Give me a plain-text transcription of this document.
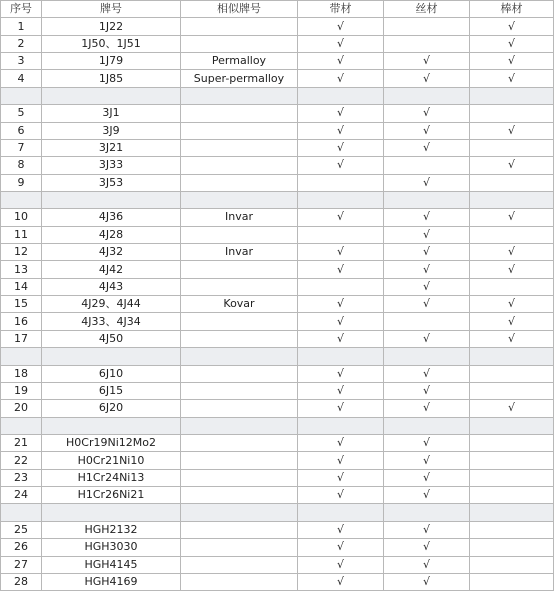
序号	牌号	相似牌号	带材	丝材	棒材
1	1J22		√		√
2	1J50、1J51		√		√
3	1J79	Permalloy	√	√	√
4	1J85	Super-permalloy	√	√	√

5	3J1		√	√	
6	3J9		√	√	√
7	3J21		√	√	
8	3J33		√		√
9	3J53			√	

10	4J36	Invar	√	√	√
11	4J28			√	
12	4J32	Invar	√	√	√
13	4J42		√	√	√
14	4J43			√	
15	4J29、4J44	Kovar	√	√	√
16	4J33、4J34		√		√
17	4J50		√	√	√

18	6J10		√	√	
19	6J15		√	√	
20	6J20		√	√	√

21	H0Cr19Ni12Mo2		√	√	
22	H0Cr21Ni10		√	√	
23	H1Cr24Ni13		√	√	
24	H1Cr26Ni21		√	√	

25	HGH2132		√	√	
26	HGH3030		√	√	
27	HGH4145		√	√	
28	HGH4169		√	√	
